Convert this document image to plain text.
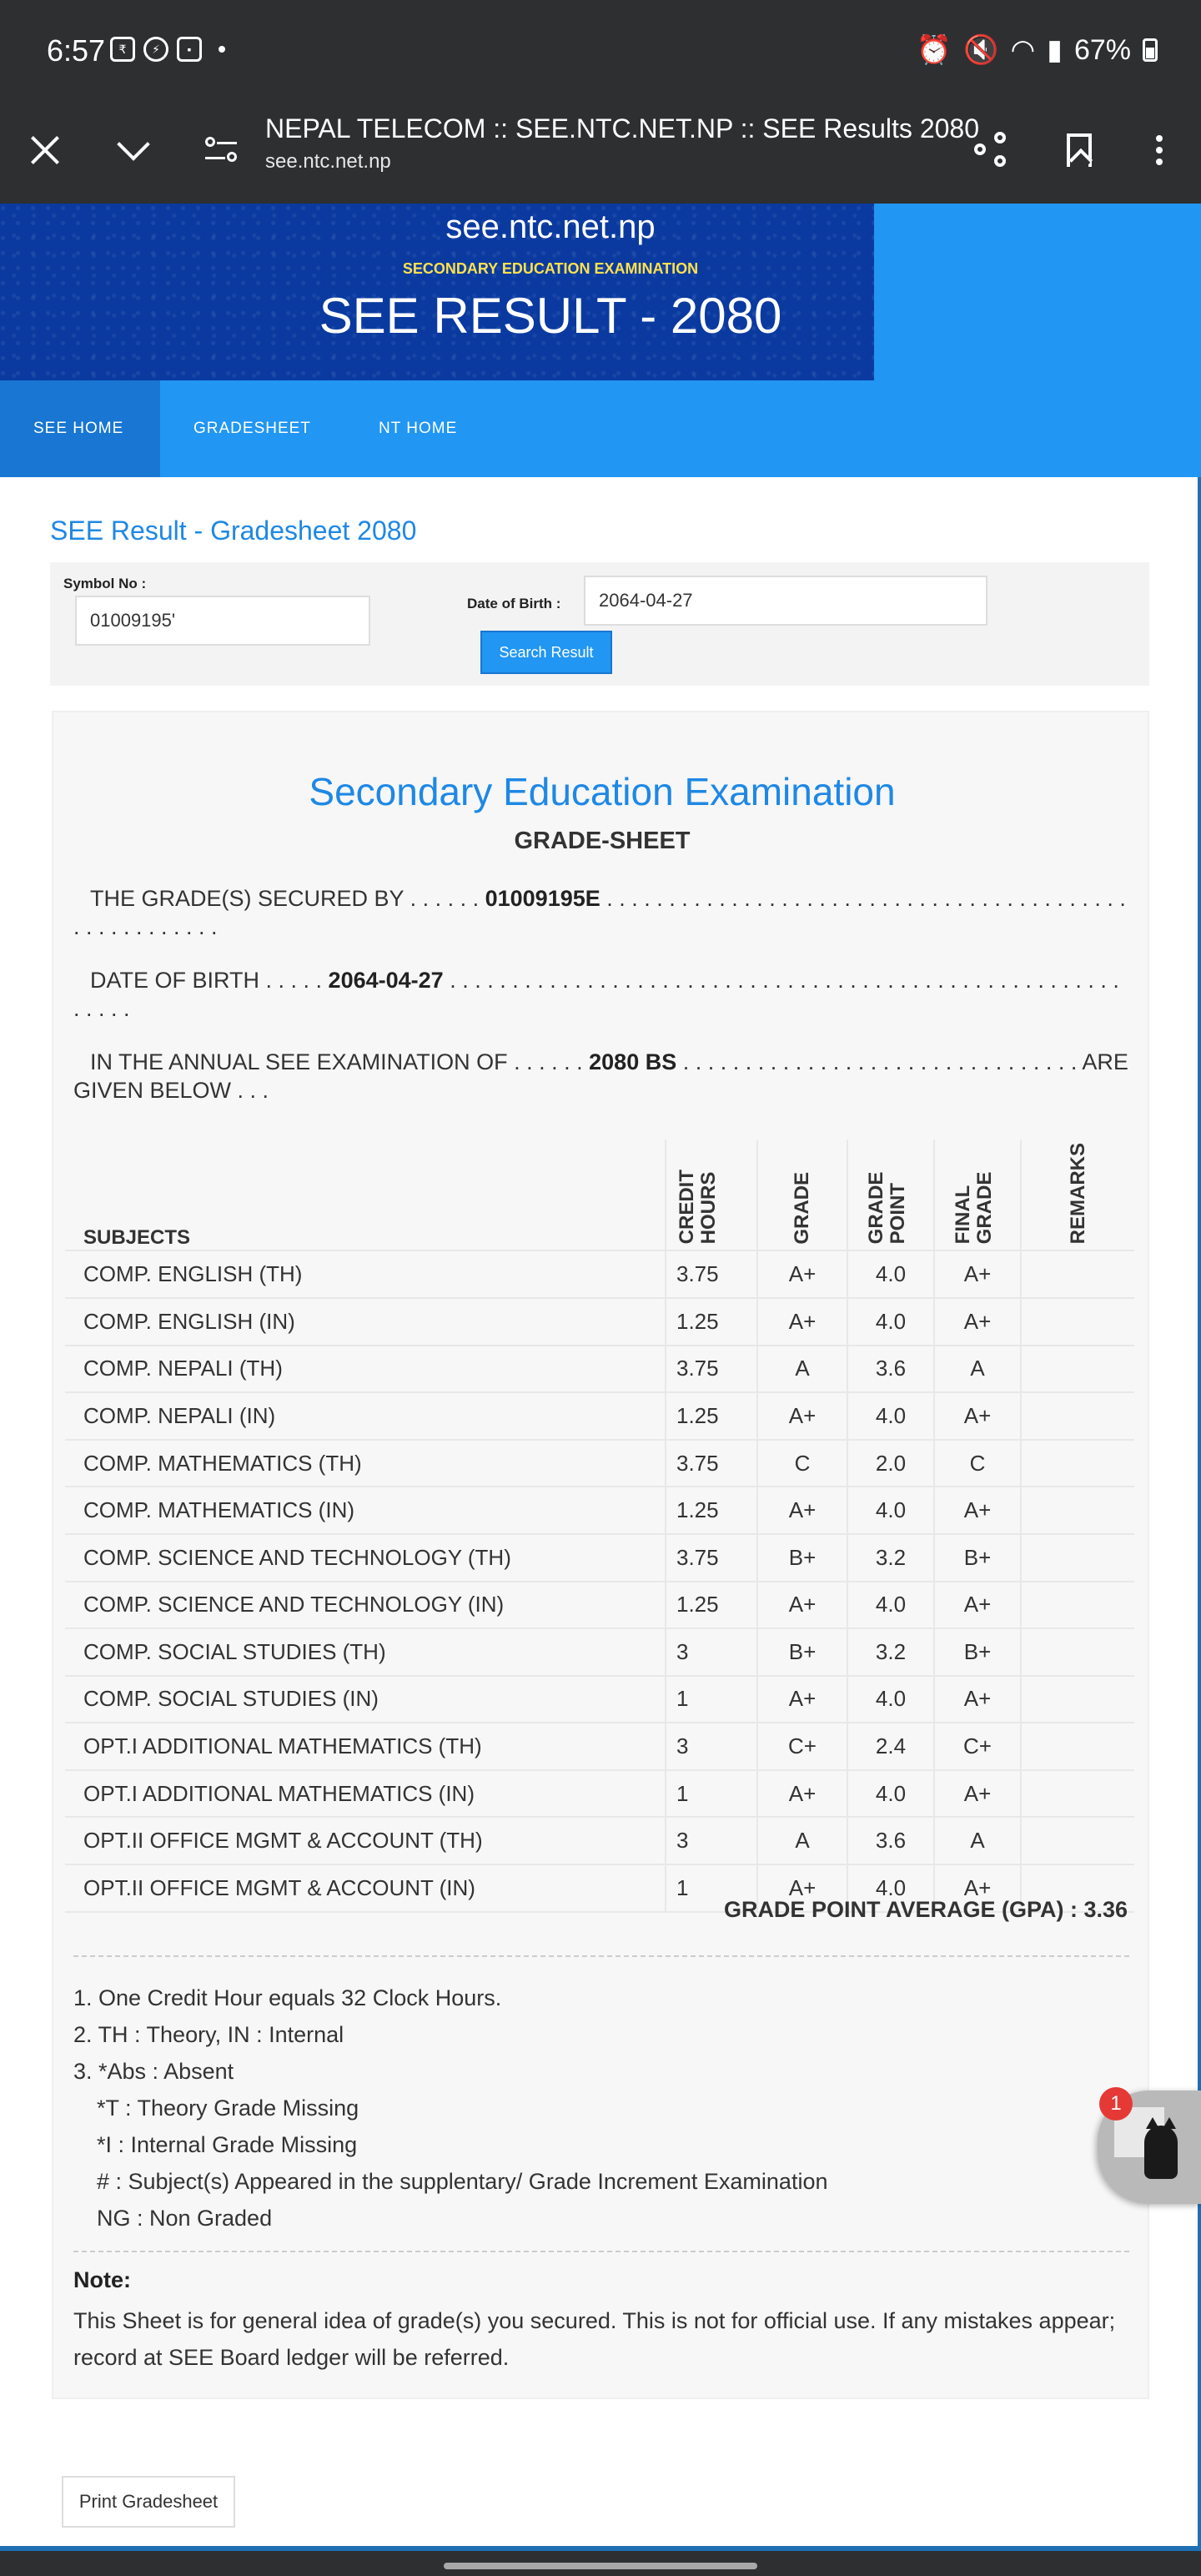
6:57	₹	⚡	▪	⏰ 🔇 ◠ ▮ 67%
NEPAL TELECOM :: SEE.NTC.NET.NP :: SEE Results 2080
see.ntc.net.np
see.ntc.net.np
SECONDARY EDUCATION EXAMINATION
SEE RESULT - 2080
SEE HOME	GRADESHEET	NT HOME
SEE Result - Gradesheet 2080
Symbol No :
01009195'
Date of Birth :	2064-04-27
Search Result
Secondary Education Examination
GRADE-SHEET
THE GRADE(S) SECURED BY . . . . . . 01009195E . . . . . . . . . . . . . . . . . . . . . . . . . . . . . . . . . . . . . . . . . . . . . . . . . . . . . .
DATE OF BIRTH . . . . . 2064-04-27 . . . . . . . . . . . . . . . . . . . . . . . . . . . . . . . . . . . . . . . . . . . . . . . . . . . . . . . . . . .
IN THE ANNUAL SEE EXAMINATION OF . . . . . . 2080 BS . . . . . . . . . . . . . . . . . . . . . . . . . . . . . . . . ARE GIVEN BELOW . . .
SUBJECTS	CREDIT HOURS	GRADE	GRADE POINT	FINAL GRADE	REMARKS
COMP. ENGLISH (TH)	3.75	A+	4.0	A+	
COMP. ENGLISH (IN)	1.25	A+	4.0	A+	
COMP. NEPALI (TH)	3.75	A	3.6	A	
COMP. NEPALI (IN)	1.25	A+	4.0	A+	
COMP. MATHEMATICS (TH)	3.75	C	2.0	C	
COMP. MATHEMATICS (IN)	1.25	A+	4.0	A+	
COMP. SCIENCE AND TECHNOLOGY (TH)	3.75	B+	3.2	B+	
COMP. SCIENCE AND TECHNOLOGY (IN)	1.25	A+	4.0	A+	
COMP. SOCIAL STUDIES (TH)	3	B+	3.2	B+	
COMP. SOCIAL STUDIES (IN)	1	A+	4.0	A+	
OPT.I ADDITIONAL MATHEMATICS (TH)	3	C+	2.4	C+	
OPT.I ADDITIONAL MATHEMATICS (IN)	1	A+	4.0	A+	
OPT.II OFFICE MGMT & ACCOUNT (TH)	3	A	3.6	A	
OPT.II OFFICE MGMT & ACCOUNT (IN)	1	A+	4.0	A+	
GRADE POINT AVERAGE (GPA) : 3.36
1. One Credit Hour equals 32 Clock Hours.
2. TH : Theory, IN : Internal
3. *Abs : Absent
*T : Theory Grade Missing
*I : Internal Grade Missing
# : Subject(s) Appeared in the supplentary/ Grade Increment Examination
NG : Non Graded
Note:
This Sheet is for general idea of grade(s) you secured. This is not for official use. If any mistakes appear; record at SEE Board ledger will be referred.
Print Gradesheet
1
